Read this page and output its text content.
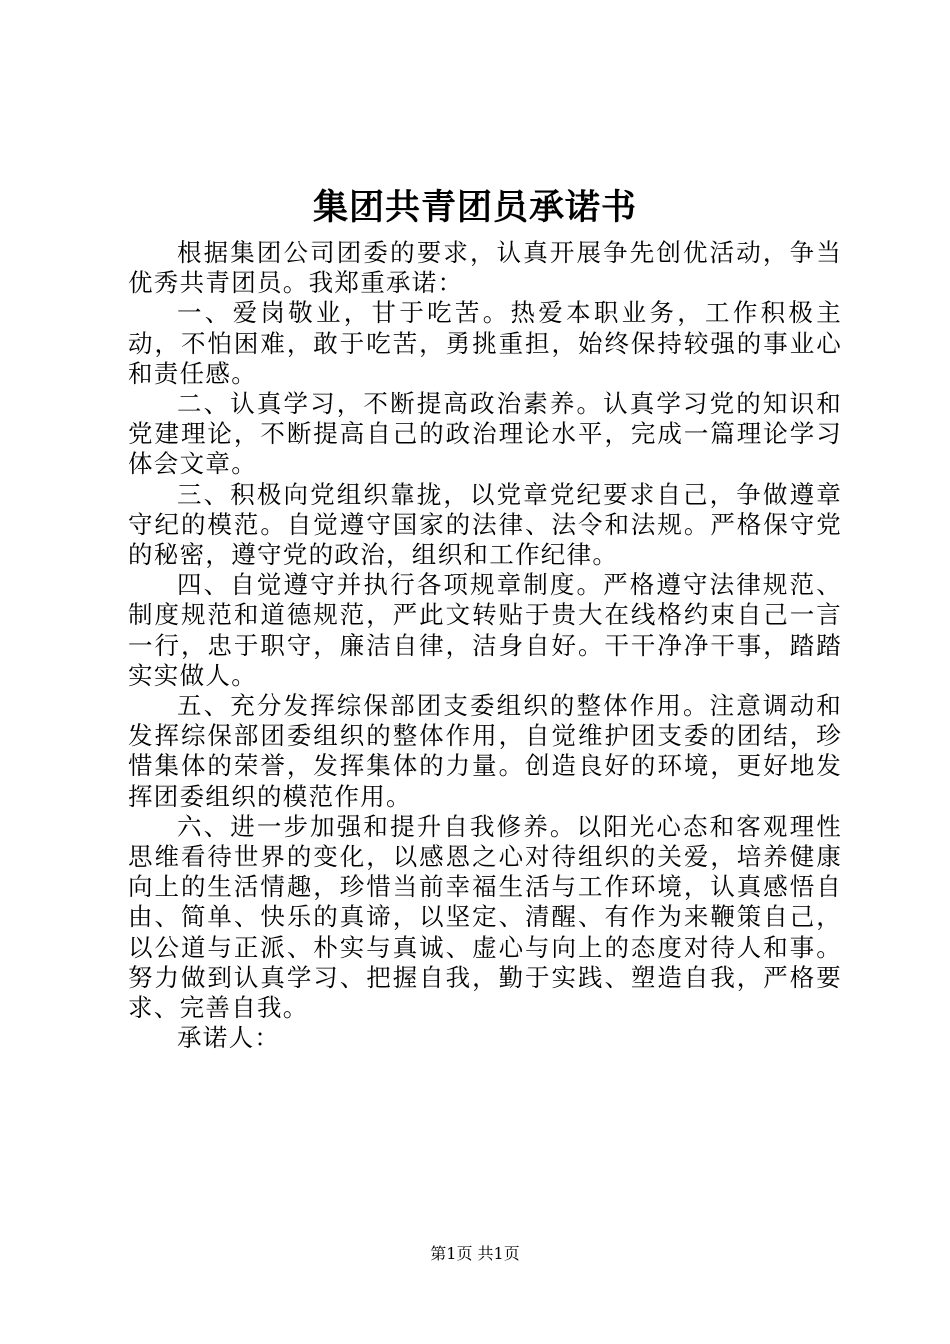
集团共青团员承诺书

根据集团公司团委的要求，认真开展争先创优活动，争当优秀共青团员。我郑重承诺：

一、爱岗敬业，甘于吃苦。热爱本职业务，工作积极主动，不怕困难，敢于吃苦，勇挑重担，始终保持较强的事业心和责任感。

二、认真学习，不断提高政治素养。认真学习党的知识和党建理论，不断提高自己的政治理论水平，完成一篇理论学习体会文章。

三、积极向党组织靠拢，以党章党纪要求自己，争做遵章守纪的模范。自觉遵守国家的法律、法令和法规。严格保守党的秘密，遵守党的政治，组织和工作纪律。

四、自觉遵守并执行各项规章制度。严格遵守法律规范、制度规范和道德规范，严此文转贴于贵大在线格约束自己一言一行，忠于职守，廉洁自律，洁身自好。干干净净干事，踏踏实实做人。

五、充分发挥综保部团支委组织的整体作用。注意调动和发挥综保部团委组织的整体作用，自觉维护团支委的团结，珍惜集体的荣誉，发挥集体的力量。创造良好的环境，更好地发挥团委组织的模范作用。

六、进一步加强和提升自我修养。以阳光心态和客观理性思维看待世界的变化，以感恩之心对待组织的关爱，培养健康向上的生活情趣，珍惜当前幸福生活与工作环境，认真感悟自由、简单、快乐的真谛，以坚定、清醒、有作为来鞭策自己，以公道与正派、朴实与真诚、虚心与向上的态度对待人和事。努力做到认真学习、把握自我，勤于实践、塑造自我，严格要求、完善自我。

承诺人：

第1页 共1页
